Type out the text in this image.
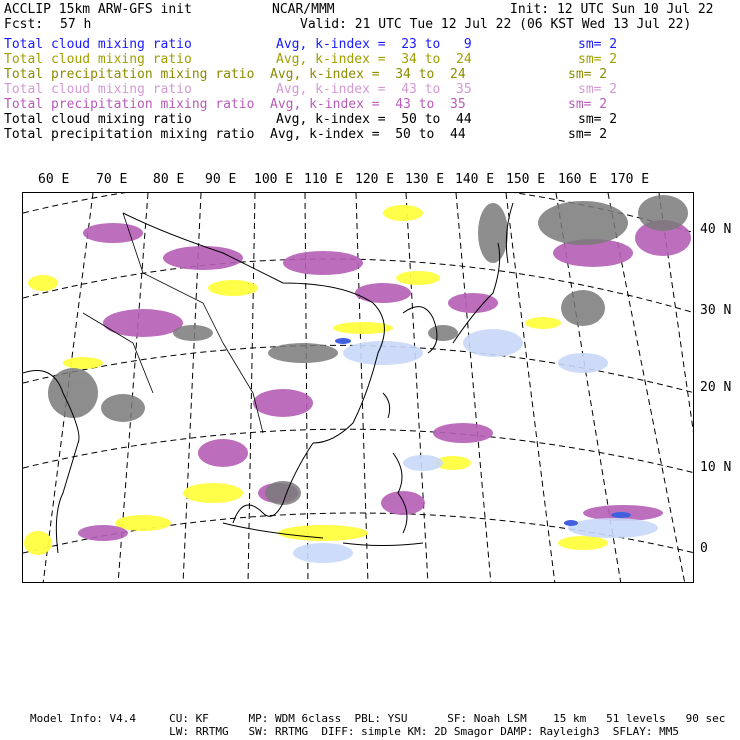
ACCLIP 15km ARW-GFS init	NCAR/MMM	Init: 12 UTC Sun 10 Jul 22
Fcst: 57 h	Valid: 21 UTC Tue 12 Jul 22 (06 KST Wed 13 Jul 22)
Total cloud mixing ratio	Avg, k-index =  23 to   9	sm= 2
Total cloud mixing ratio	Avg, k-index =  34 to  24	sm= 2
Total precipitation mixing ratio Avg, k-index =  34 to  24	sm= 2
Total cloud mixing ratio	Avg, k-index =  43 to  35	sm= 2
Total precipitation mixing ratio Avg, k-index =  43 to  35	sm= 2
Total cloud mixing ratio	Avg, k-index =  50 to  44	sm= 2
Total precipitation mixing ratio Avg, k-index =  50 to  44	sm= 2
60 E 70 E 80 E 90 E 100 E 110 E 120 E 130 E 140 E 150 E 160 E 170 E
40 N
30 N
20 N
10 N
0
Model Info: V4.4     CU: KF      MP: WDM 6class  PBL: YSU      SF: Noah LSM    15 km   51 levels   90 sec
LW: RRTMG   SW: RRTMG  DIFF: simple KM: 2D Smagor DAMP: Rayleigh3  SFLAY: MM5
